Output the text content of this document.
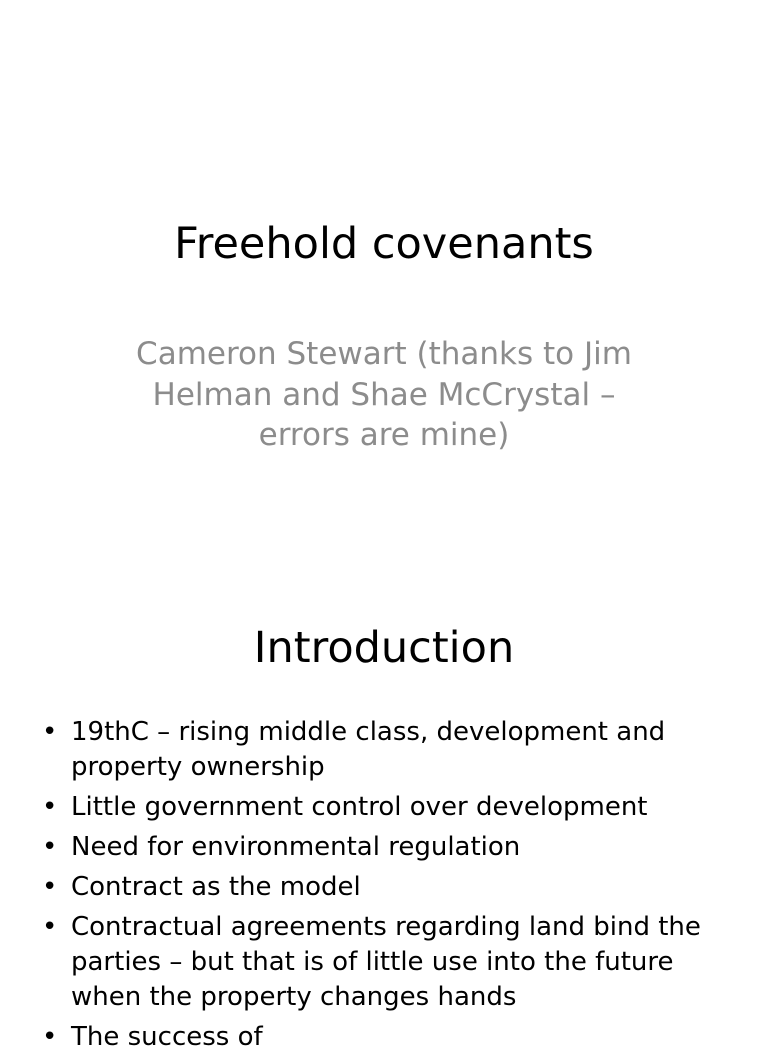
Freehold covenants

Cameron Stewart (thanks to Jim Helman and Shae McCrystal – errors are mine)

Introduction
• 19thC – rising middle class, development and property ownership
• Little government control over development
• Need for environmental regulation
• Contract as the model
• Contractual agreements regarding land bind the parties – but that is of little use into the future when the property changes hands
• The success of
